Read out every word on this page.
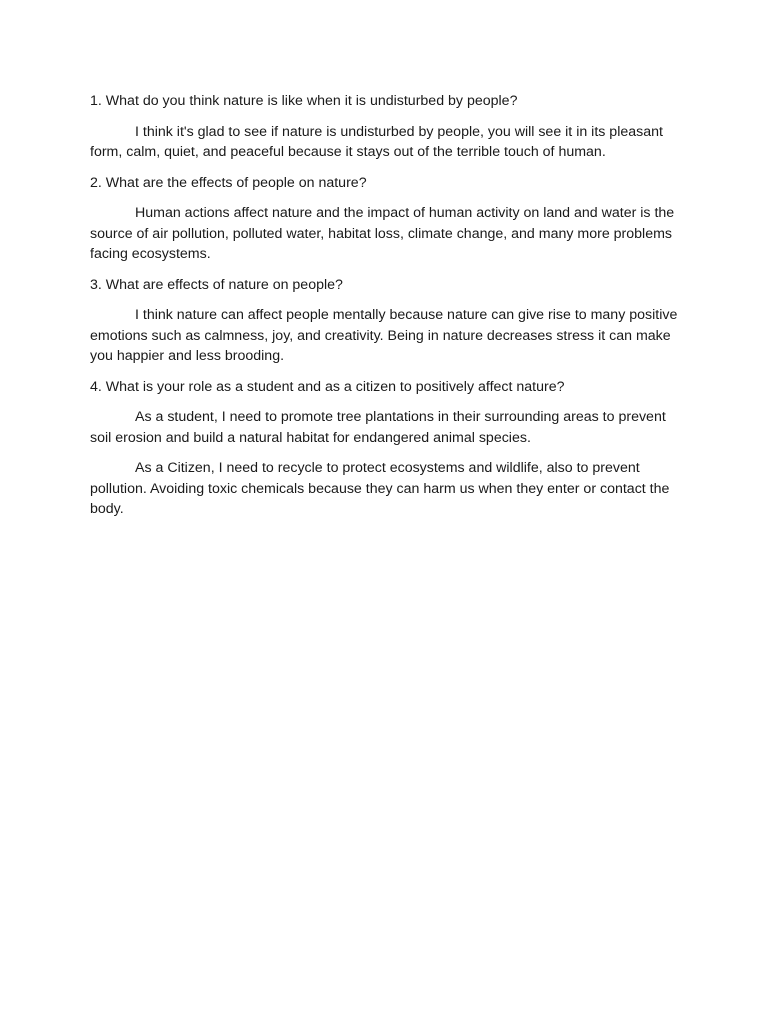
1. What do you think nature is like when it is undisturbed by people?

I think it's glad to see if nature is undisturbed by people, you will see it in its pleasant form, calm, quiet, and peaceful because it stays out of the terrible touch of human.

2. What are the effects of people on nature?

Human actions affect nature and the impact of human activity on land and water is the source of air pollution, polluted water, habitat loss, climate change, and many more problems facing ecosystems.

3. What are effects of nature on people?

I think nature can affect people mentally because nature can give rise to many positive emotions such as calmness, joy, and creativity. Being in nature decreases stress it can make you happier and less brooding.

4. What is your role as a student and as a citizen to positively affect nature?

As a student, I need to promote tree plantations in their surrounding areas to prevent soil erosion and build a natural habitat for endangered animal species.

As a Citizen, I need to recycle to protect ecosystems and wildlife, also to prevent pollution. Avoiding toxic chemicals because they can harm us when they enter or contact the body.
